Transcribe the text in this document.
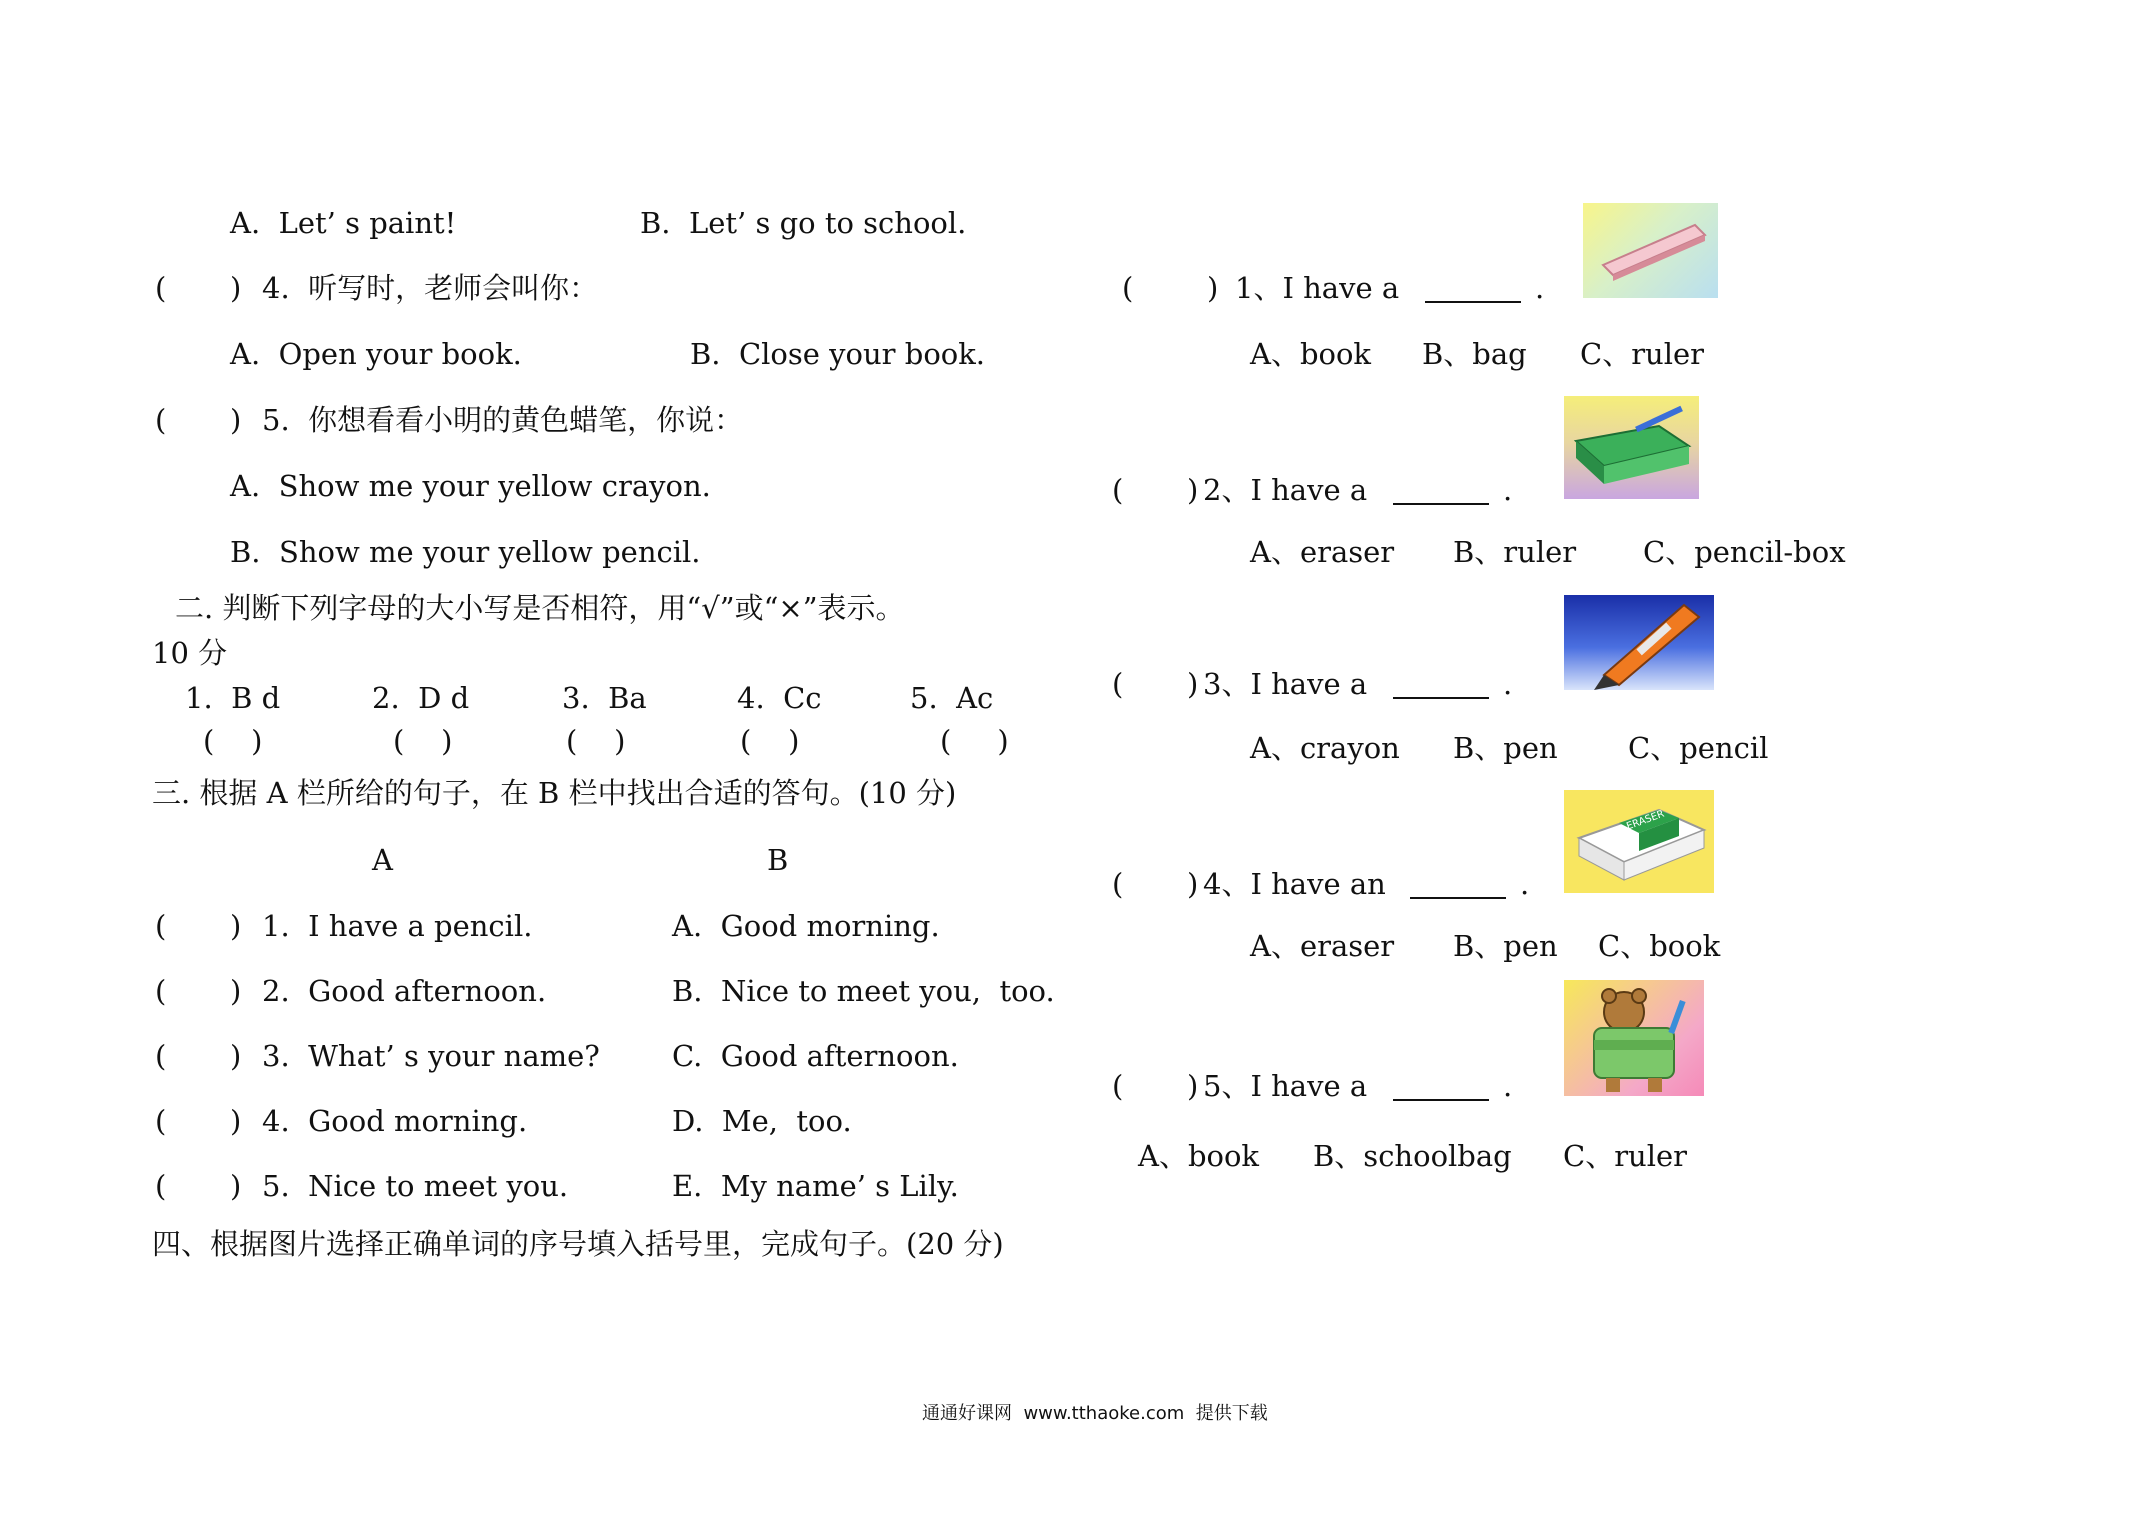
A.  Let’ s paint!	B.  Let’ s go to school.
( ) 4.  听写时，老师会叫你：
A.  Open your book.	B.  Close your book.
( ) 5.  你想看看小明的黄色蜡笔，你说：
A.  Show me your yellow crayon.
B.  Show me your yellow pencil.
二. 判断下列字母的大小写是否相符，用“√”或“×”表示。
10 分
1.  B d	2.  D d	3.  Ba	4.  Cc	5.  Ac
(    )	(    )	(    )	(    )	(     )
三. 根据 A 栏所给的句子，在 B 栏中找出合适的答句。(10 分)
A	B
( ) 1.  I have a pencil.	A.  Good morning.
( ) 2.  Good afternoon.	B.  Nice to meet you,  too.
( ) 3.  What’ s your name? C.  Good afternoon.
( ) 4.  Good morning.	D.  Me,  too.
( ) 5.  Nice to meet you.	E.  My name’ s Lily.
四、根据图片选择正确单词的序号填入括号里，完成句子。(20 分)
(	) 1、I have a	.
A、book B、bag C、ruler
( ) 2、I have a	.
A、eraser B、ruler C、pencil-box
( ) 3、I have a	.
A、crayon B、pen C、pencil
( ) 4、I have an	.
ERASER
A、eraser B、pen C、book
( ) 5、I have a	.
A、book B、schoolbag C、ruler
通通好课网  www.tthaoke.com  提供下载
